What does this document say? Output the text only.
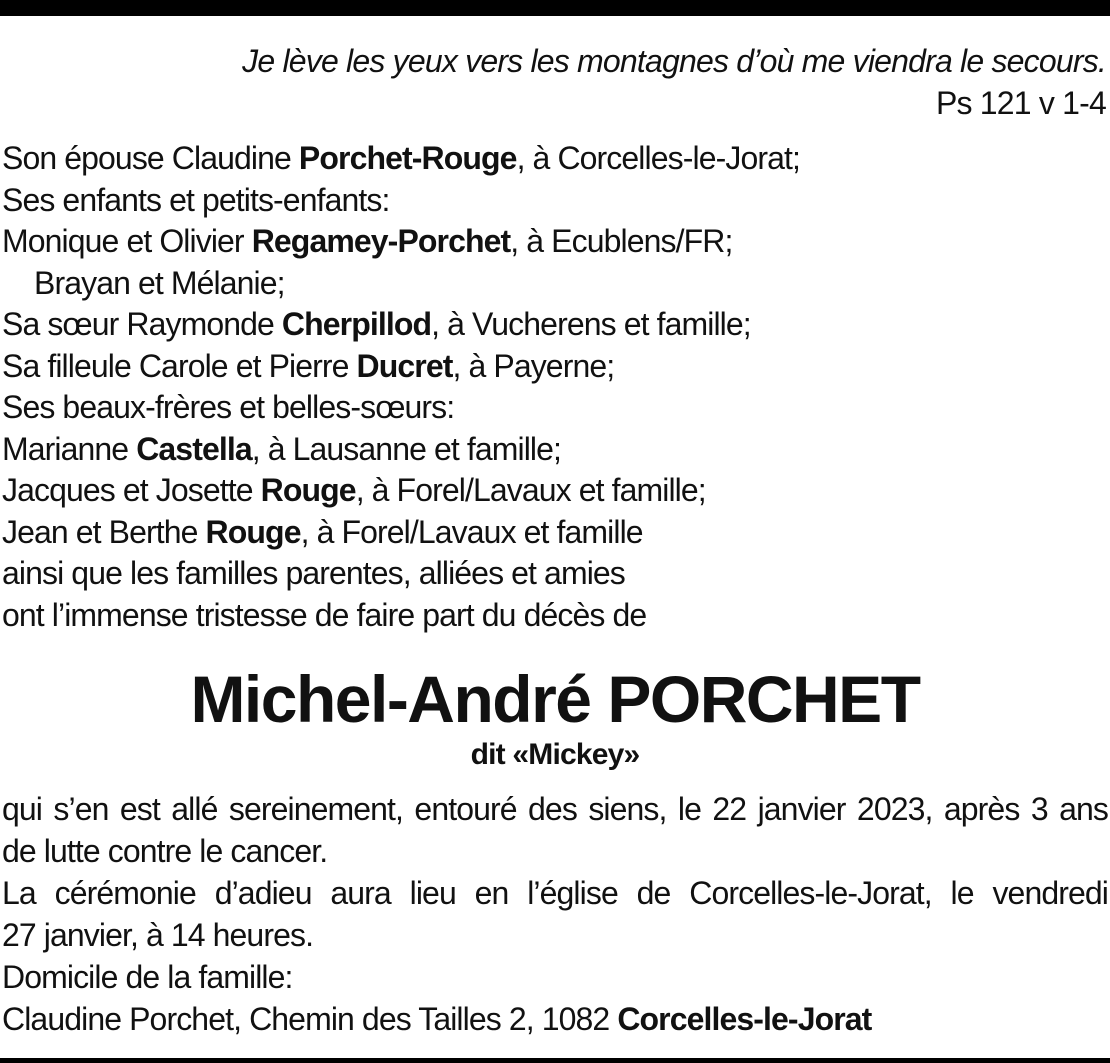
Je lève les yeux vers les montagnes d’où me viendra le secours.
Ps 121 v 1-4
Son épouse Claudine Porchet-Rouge, à Corcelles-le-Jorat;
Ses enfants et petits-enfants:
Monique et Olivier Regamey-Porchet, à Ecublens/FR;
Brayan et Mélanie;
Sa sœur Raymonde Cherpillod, à Vucherens et famille;
Sa filleule Carole et Pierre Ducret, à Payerne;
Ses beaux-frères et belles-sœurs:
Marianne Castella, à Lausanne et famille;
Jacques et Josette Rouge, à Forel/Lavaux et famille;
Jean et Berthe Rouge, à Forel/Lavaux et famille
ainsi que les familles parentes, alliées et amies
ont l’immense tristesse de faire part du décès de
Michel-André PORCHET
dit «Mickey»
qui s’en est allé sereinement, entouré des siens, le 22 janvier 2023, après 3 ans
de lutte contre le cancer.
La cérémonie d’adieu aura lieu en l’église de Corcelles-le-Jorat, le vendredi
27 janvier, à 14 heures.
Domicile de la famille:
Claudine Porchet, Chemin des Tailles 2, 1082 Corcelles-le-Jorat
